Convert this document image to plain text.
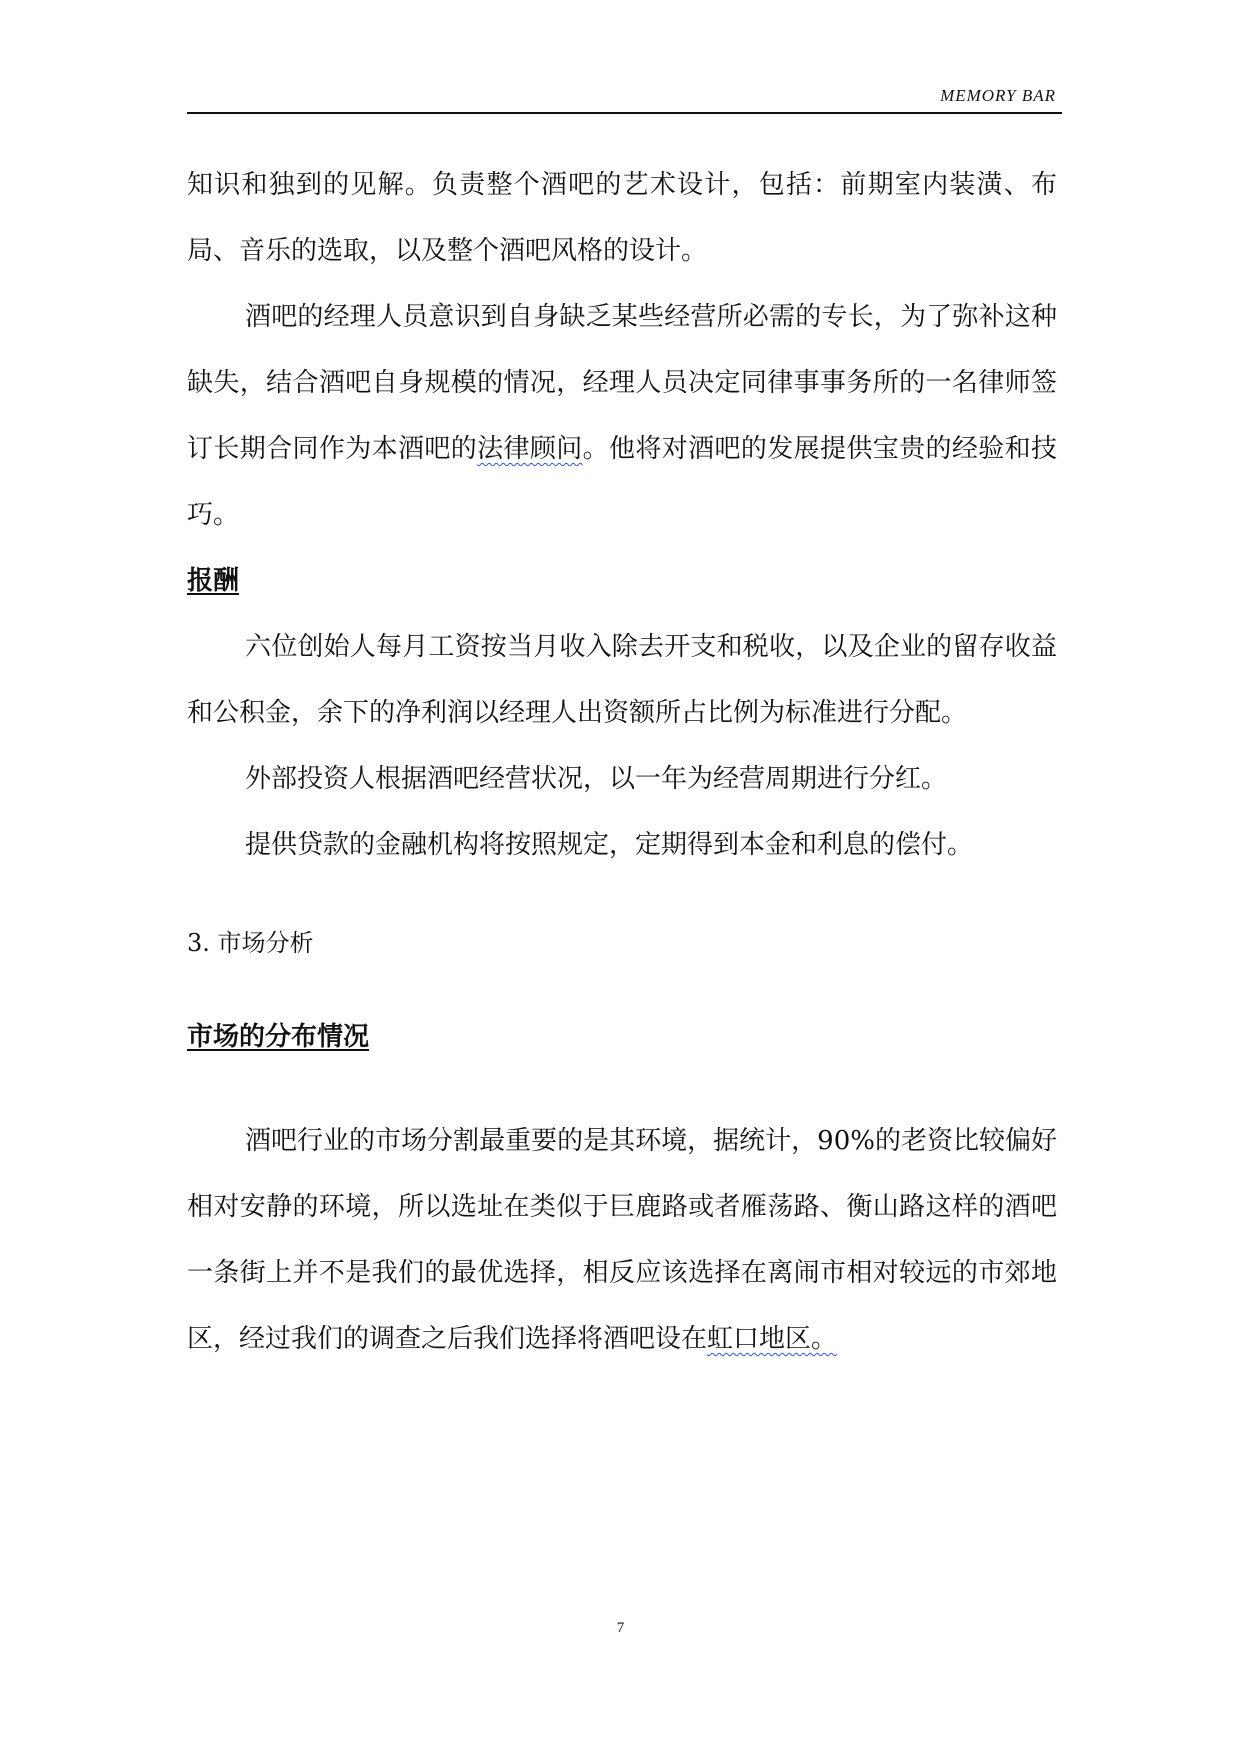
MEMORY BAR

知识和独到的见解。负责整个酒吧的艺术设计，包括：前期室内装潢、布局、音乐的选取，以及整个酒吧风格的设计。

酒吧的经理人员意识到自身缺乏某些经营所必需的专长，为了弥补这种缺失，结合酒吧自身规模的情况，经理人员决定同律事事务所的一名律师签订长期合同作为本酒吧的法律顾问。他将对酒吧的发展提供宝贵的经验和技巧。

报酬

六位创始人每月工资按当月收入除去开支和税收，以及企业的留存收益和公积金，余下的净利润以经理人出资额所占比例为标准进行分配。

外部投资人根据酒吧经营状况，以一年为经营周期进行分红。

提供贷款的金融机构将按照规定，定期得到本金和利息的偿付。

3. 市场分析

市场的分布情况

酒吧行业的市场分割最重要的是其环境，据统计，90%的老资比较偏好相对安静的环境，所以选址在类似于巨鹿路或者雁荡路、衡山路这样的酒吧一条街上并不是我们的最优选择，相反应该选择在离闹市相对较远的市郊地区，经过我们的调查之后我们选择将酒吧设在虹口地区。

7
